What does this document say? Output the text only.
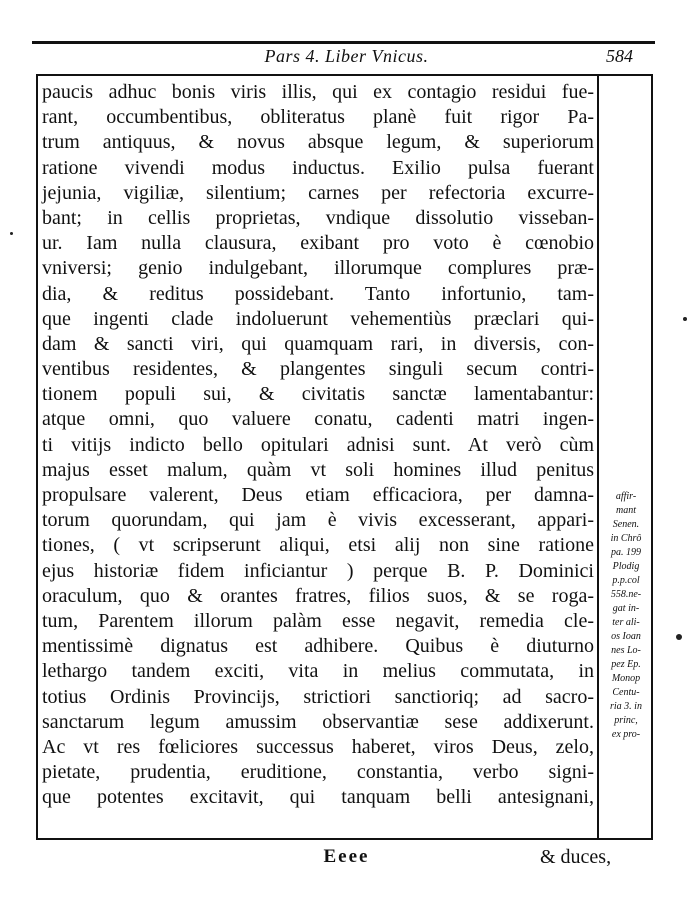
Pars 4. Liber Vnicus.	584
paucis adhuc bonis viris illis, qui ex contagio residui fue-
rant, occumbentibus, obliteratus planè fuit rigor Pa-
trum antiquus, & novus absque legum, & superiorum
ratione vivendi modus inductus. Exilio pulsa fuerant
jejunia, vigiliæ, silentium; carnes per refectoria excurre-
bant; in cellis proprietas, vndique dissolutio visseban-
ur. Iam nulla clausura, exibant pro voto è cœnobio
vniversi; genio indulgebant, illorumque complures præ-
dia, & reditus possidebant. Tanto infortunio, tam-
que ingenti clade indoluerunt vehementiùs præclari qui-
dam & sancti viri, qui quamquam rari, in diversis, con-
ventibus residentes, & plangentes singuli secum contri-
tionem populi sui, & civitatis sanctæ lamentabantur:
atque omni, quo valuere conatu, cadenti matri ingen-
ti vitijs indicto bello opitulari adnisi sunt. At verò cùm
majus esset malum, quàm vt soli homines illud penitus
propulsare valerent, Deus etiam efficaciora, per damna-
torum quorundam, qui jam è vivis excesserant, appari-
tiones, ( vt scripserunt aliqui, etsi alij non sine ratione
ejus historiæ fidem inficiantur ) perque B. P. Dominici
oraculum, quo & orantes fratres, filios suos, & se roga-
tum, Parentem illorum palàm esse negavit, remedia cle-
mentissimè dignatus est adhibere. Quibus è diuturno
lethargo tandem exciti, vita in melius commutata, in
totius Ordinis Provincijs, strictiori sanctioriq; ad sacro-
sanctarum legum amussim observantiæ sese addixerunt.
Ac vt res fœliciores successus haberet, viros Deus, zelo,
pietate, prudentia, eruditione, constantia, verbo signi-
que potentes excitavit, qui tanquam belli antesignani,
affir-
mant
Senen.
in Chrô
pa. 199
Plodig
p.p.col
558.ne-
gat in-
ter ali-
os Ioan
nes Lo-
pez Ep.
Monop
Centu-
ria 3. in
princ,
ex pro-
Eeee	& duces,
